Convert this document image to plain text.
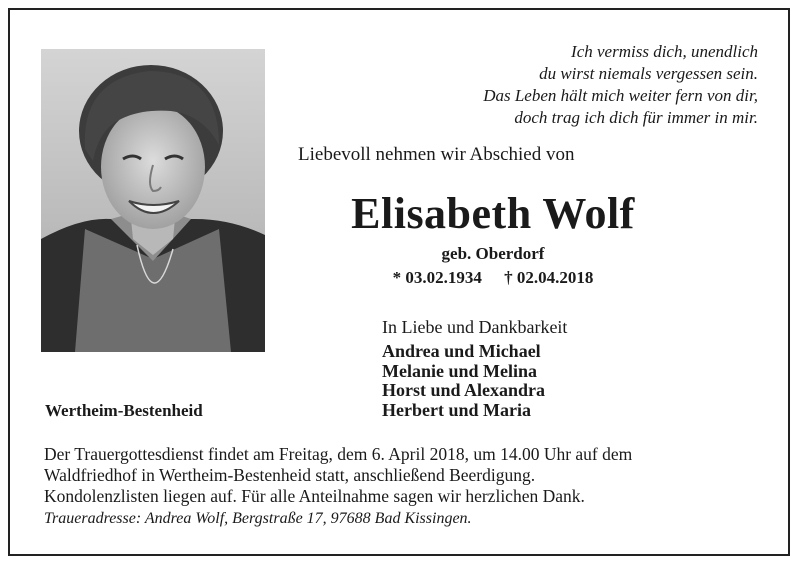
Ich vermiss dich, unendlich
du wirst niemals vergessen sein.
Das Leben hält mich weiter fern von dir,
doch trag ich dich für immer in mir.
Liebevoll nehmen wir Abschied von
Elisabeth Wolf
geb. Oberdorf
* 03.02.1934 † 02.04.2018
In Liebe und Dankbarkeit
Andrea und Michael
Melanie und Melina
Horst und Alexandra
Herbert und Maria
Wertheim-Bestenheid
Der Trauergottesdienst findet am Freitag, dem 6. April 2018, um 14.00 Uhr auf dem
Waldfriedhof in Wertheim-Bestenheid statt, anschließend Beerdigung.
Kondolenzlisten liegen auf. Für alle Anteilnahme sagen wir herzlichen Dank.
Traueradresse: Andrea Wolf, Bergstraße 17, 97688 Bad Kissingen.
